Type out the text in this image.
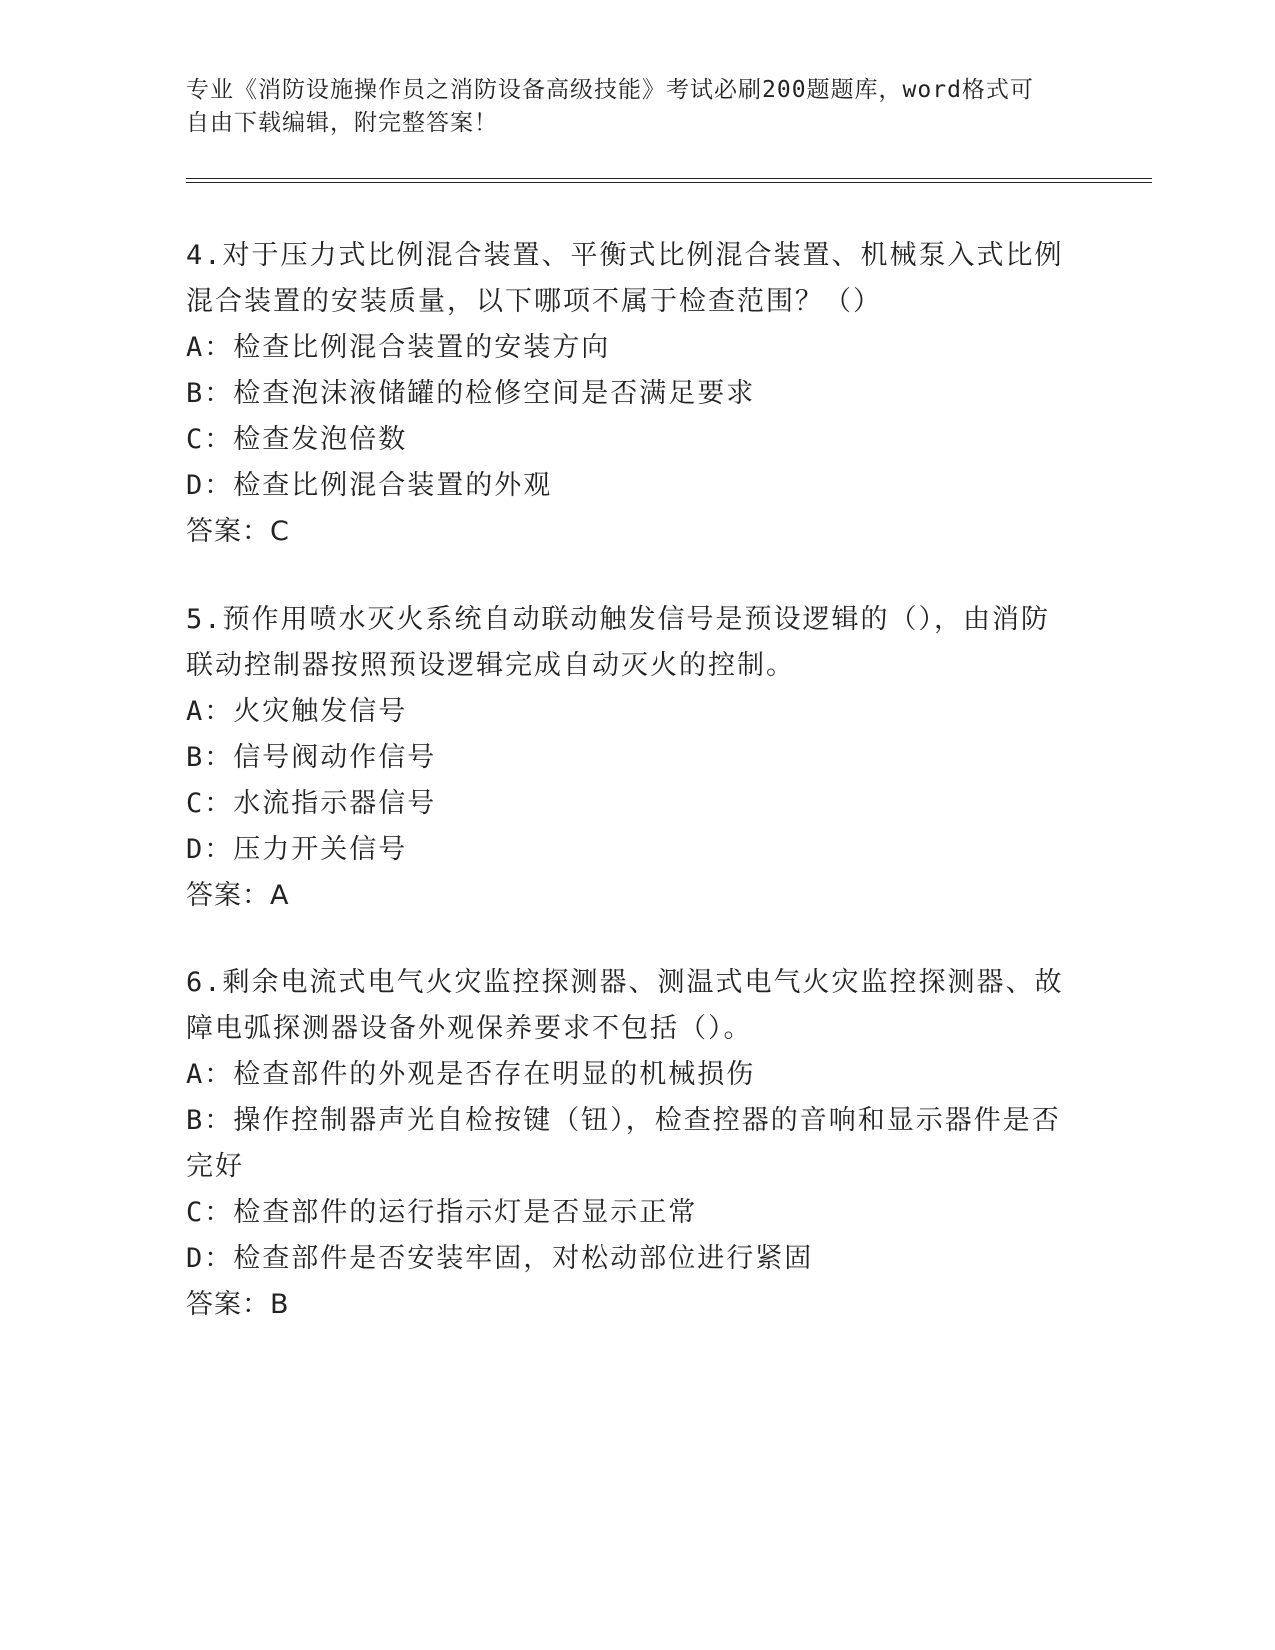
专业《消防设施操作员之消防设备高级技能》考试必刷200题题库，word格式可
自由下载编辑，附完整答案！

4.对于压力式比例混合装置、平衡式比例混合装置、机械泵入式比例

混合装置的安装质量，以下哪项不属于检查范围？（）

A：检查比例混合装置的安装方向

B：检查泡沫液储罐的检修空间是否满足要求

C：检查发泡倍数

D：检查比例混合装置的外观

答案：C

5.预作用喷水灭火系统自动联动触发信号是预设逻辑的（），由消防

联动控制器按照预设逻辑完成自动灭火的控制。

A：火灾触发信号

B：信号阀动作信号

C：水流指示器信号

D：压力开关信号

答案：A

6.剩余电流式电气火灾监控探测器、测温式电气火灾监控探测器、故

障电弧探测器设备外观保养要求不包括（）。

A：检查部件的外观是否存在明显的机械损伤

B：操作控制器声光自检按键（钮），检查控器的音响和显示器件是否

完好

C：检查部件的运行指示灯是否显示正常

D：检查部件是否安装牢固，对松动部位进行紧固

答案：B
